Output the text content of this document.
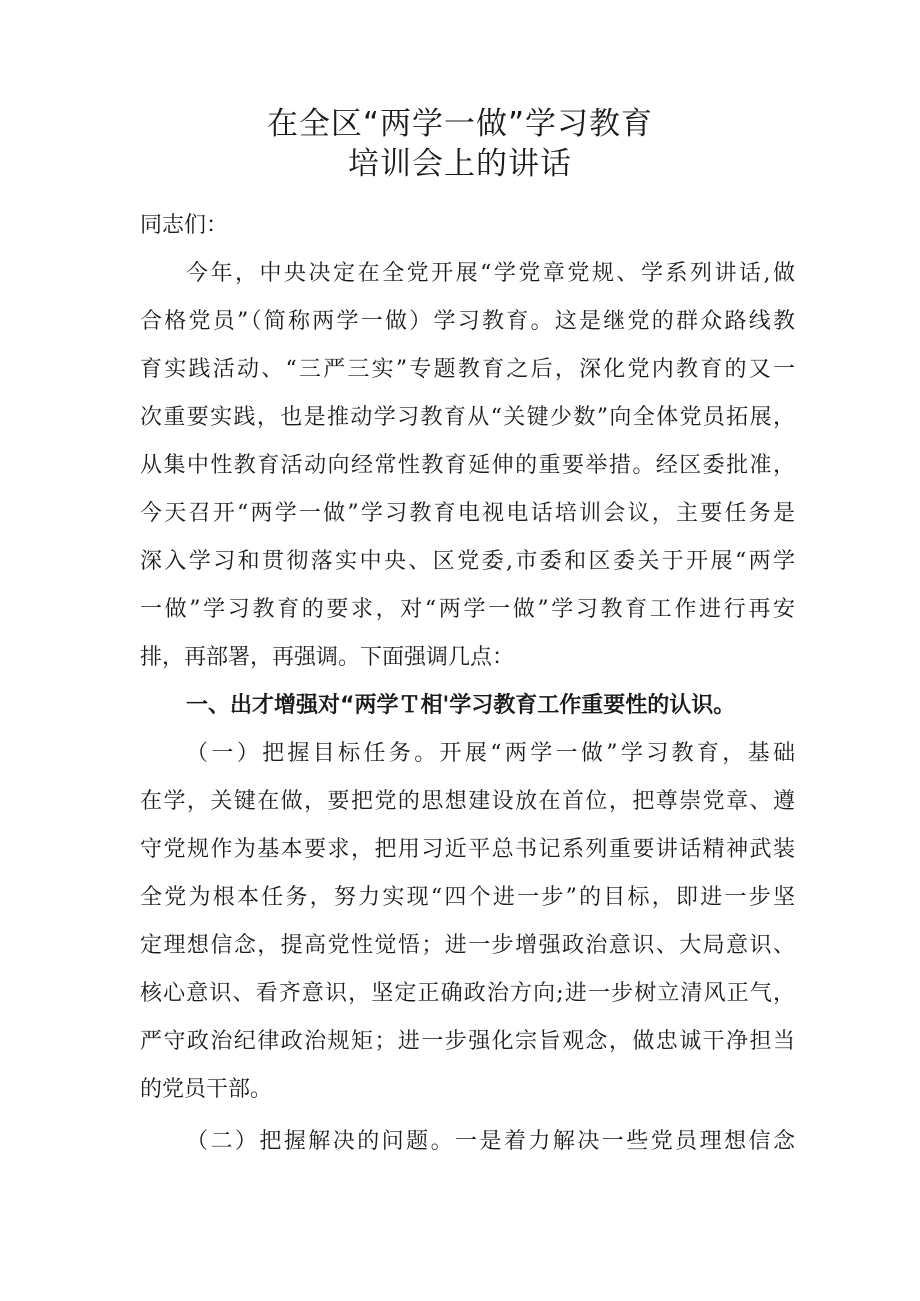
在全区“两学一做”学习教育
培训会上的讲话
同志们：
今年，中央决定在全党开展“学党章党规、学系列讲话,做
合格党员”（简称两学一做）学习教育。这是继党的群众路线教
育实践活动、“三严三实”专题教育之后，深化党内教育的又一
次重要实践，也是推动学习教育从“关键少数”向全体党员拓展，
从集中性教育活动向经常性教育延伸的重要举措。经区委批准，
今天召开“两学一做”学习教育电视电话培训会议，主要任务是
深入学习和贯彻落实中央、区党委,市委和区委关于开展“两学
一做”学习教育的要求，对“两学一做”学习教育工作进行再安
排，再部署，再强调。下面强调几点：
一、出才增强对“两学Ｔ相'学习教育工作重要性的认识。
（一）把握目标任务。开展“两学一做”学习教育，基础
在学，关键在做，要把党的思想建设放在首位，把尊崇党章、遵
守党规作为基本要求，把用习近平总书记系列重要讲话精神武装
全党为根本任务，努力实现“四个进一步”的目标，即进一步坚
定理想信念，提高党性觉悟；进一步增强政治意识、大局意识、
核心意识、看齐意识，坚定正确政治方向;进一步树立清风正气，
严守政治纪律政治规矩；进一步强化宗旨观念，做忠诚干净担当
的党员干部。
（二）把握解决的问题。一是着力解决一些党员理想信念
